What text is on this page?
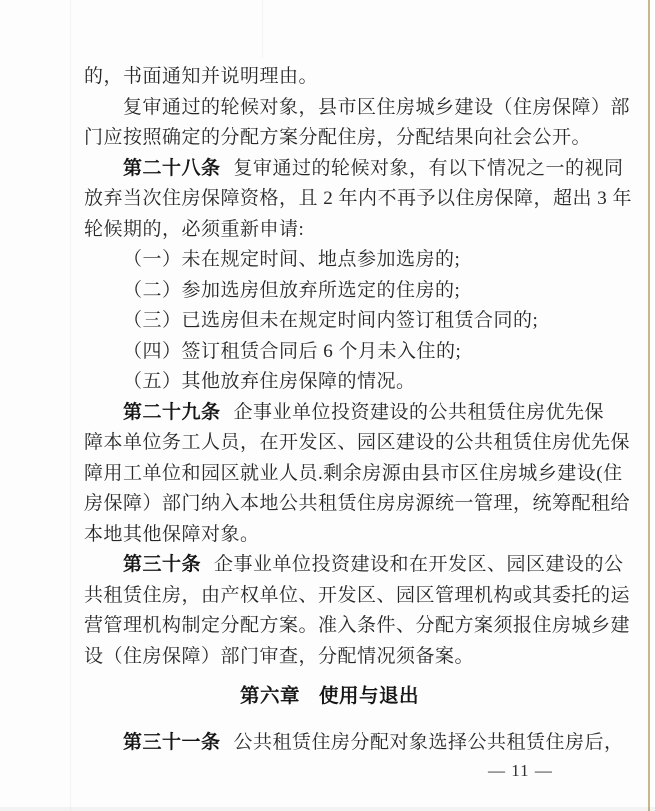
的，书面通知并说明理由。
复审通过的轮候对象，县市区住房城乡建设（住房保障）部
门应按照确定的分配方案分配住房，分配结果向社会公开。
第二十八条 复审通过的轮候对象，有以下情况之一的视同
放弃当次住房保障资格，且 2 年内不再予以住房保障，超出 3 年
轮候期的，必须重新申请:
（一）未在规定时间、地点参加选房的;
（二）参加选房但放弃所选定的住房的;
（三）已选房但未在规定时间内签订租赁合同的;
（四）签订租赁合同后 6 个月未入住的;
（五）其他放弃住房保障的情况。
第二十九条 企事业单位投资建设的公共租赁住房优先保
障本单位务工人员，在开发区、园区建设的公共租赁住房优先保
障用工单位和园区就业人员.剩余房源由县市区住房城乡建设(住
房保障）部门纳入本地公共租赁住房房源统一管理，统筹配租给
本地其他保障对象。
第三十条 企事业单位投资建设和在开发区、园区建设的公
共租赁住房，由产权单位、开发区、园区管理机构或其委托的运
营管理机构制定分配方案。准入条件、分配方案须报住房城乡建
设（住房保障）部门审查，分配情况须备案。
第六章 使用与退出
第三十一条 公共租赁住房分配对象选择公共租赁住房后，
— 11 —
